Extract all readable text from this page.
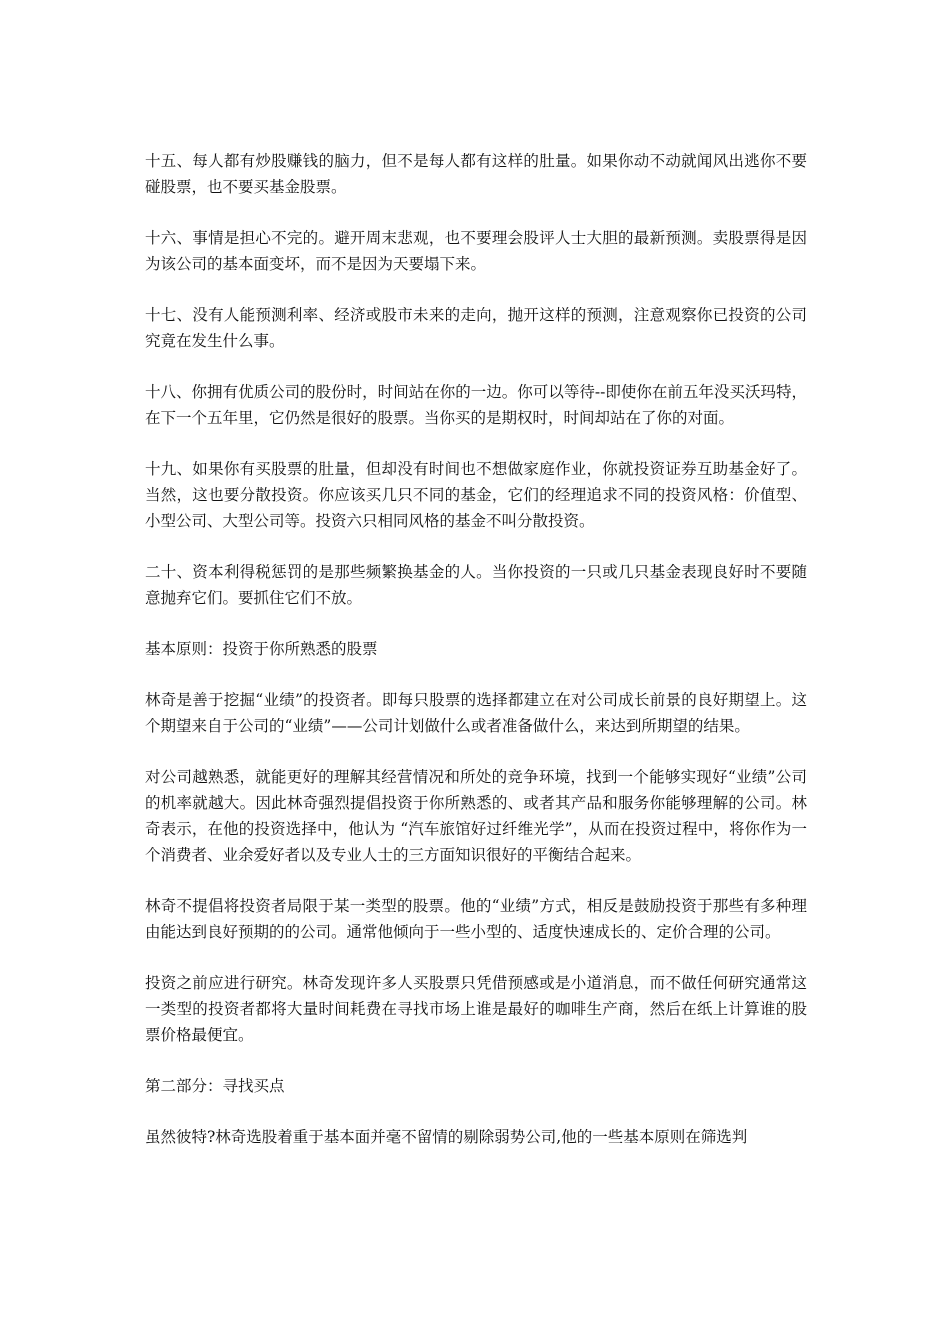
十五、每人都有炒股赚钱的脑力，但不是每人都有这样的肚量。如果你动不动就闻风出逃你不要碰股票，也不要买基金股票。

十六、事情是担心不完的。避开周末悲观，也不要理会股评人士大胆的最新预测。卖股票得是因为该公司的基本面变坏，而不是因为天要塌下来。

十七、没有人能预测利率、经济或股市未来的走向，抛开这样的预测，注意观察你已投资的公司究竟在发生什么事。

十八、你拥有优质公司的股份时，时间站在你的一边。你可以等待--即使你在前五年没买沃玛特，在下一个五年里，它仍然是很好的股票。当你买的是期权时，时间却站在了你的对面。

十九、如果你有买股票的肚量，但却没有时间也不想做家庭作业，你就投资证券互助基金好了。当然，这也要分散投资。你应该买几只不同的基金，它们的经理追求不同的投资风格：价值型、小型公司、大型公司等。投资六只相同风格的基金不叫分散投资。

二十、资本利得税惩罚的是那些频繁换基金的人。当你投资的一只或几只基金表现良好时不要随意抛弃它们。要抓住它们不放。

基本原则：投资于你所熟悉的股票

林奇是善于挖掘“业绩”的投资者。即每只股票的选择都建立在对公司成长前景的良好期望上。这个期望来自于公司的“业绩”——公司计划做什么或者准备做什么，来达到所期望的结果。

对公司越熟悉，就能更好的理解其经营情况和所处的竞争环境，找到一个能够实现好“业绩”公司的机率就越大。因此林奇强烈提倡投资于你所熟悉的、或者其产品和服务你能够理解的公司。林奇表示，在他的投资选择中，他认为 “汽车旅馆好过纤维光学”，从而在投资过程中，将你作为一个消费者、业余爱好者以及专业人士的三方面知识很好的平衡结合起来。

林奇不提倡将投资者局限于某一类型的股票。他的“业绩”方式，相反是鼓励投资于那些有多种理由能达到良好预期的的公司。通常他倾向于一些小型的、适度快速成长的、定价合理的公司。

投资之前应进行研究。林奇发现许多人买股票只凭借预感或是小道消息，而不做任何研究通常这一类型的投资者都将大量时间耗费在寻找市场上谁是最好的咖啡生产商，然后在纸上计算谁的股票价格最便宜。

第二部分：寻找买点

虽然彼特?林奇选股着重于基本面并毫不留情的剔除弱势公司,他的一些基本原则在筛选判
